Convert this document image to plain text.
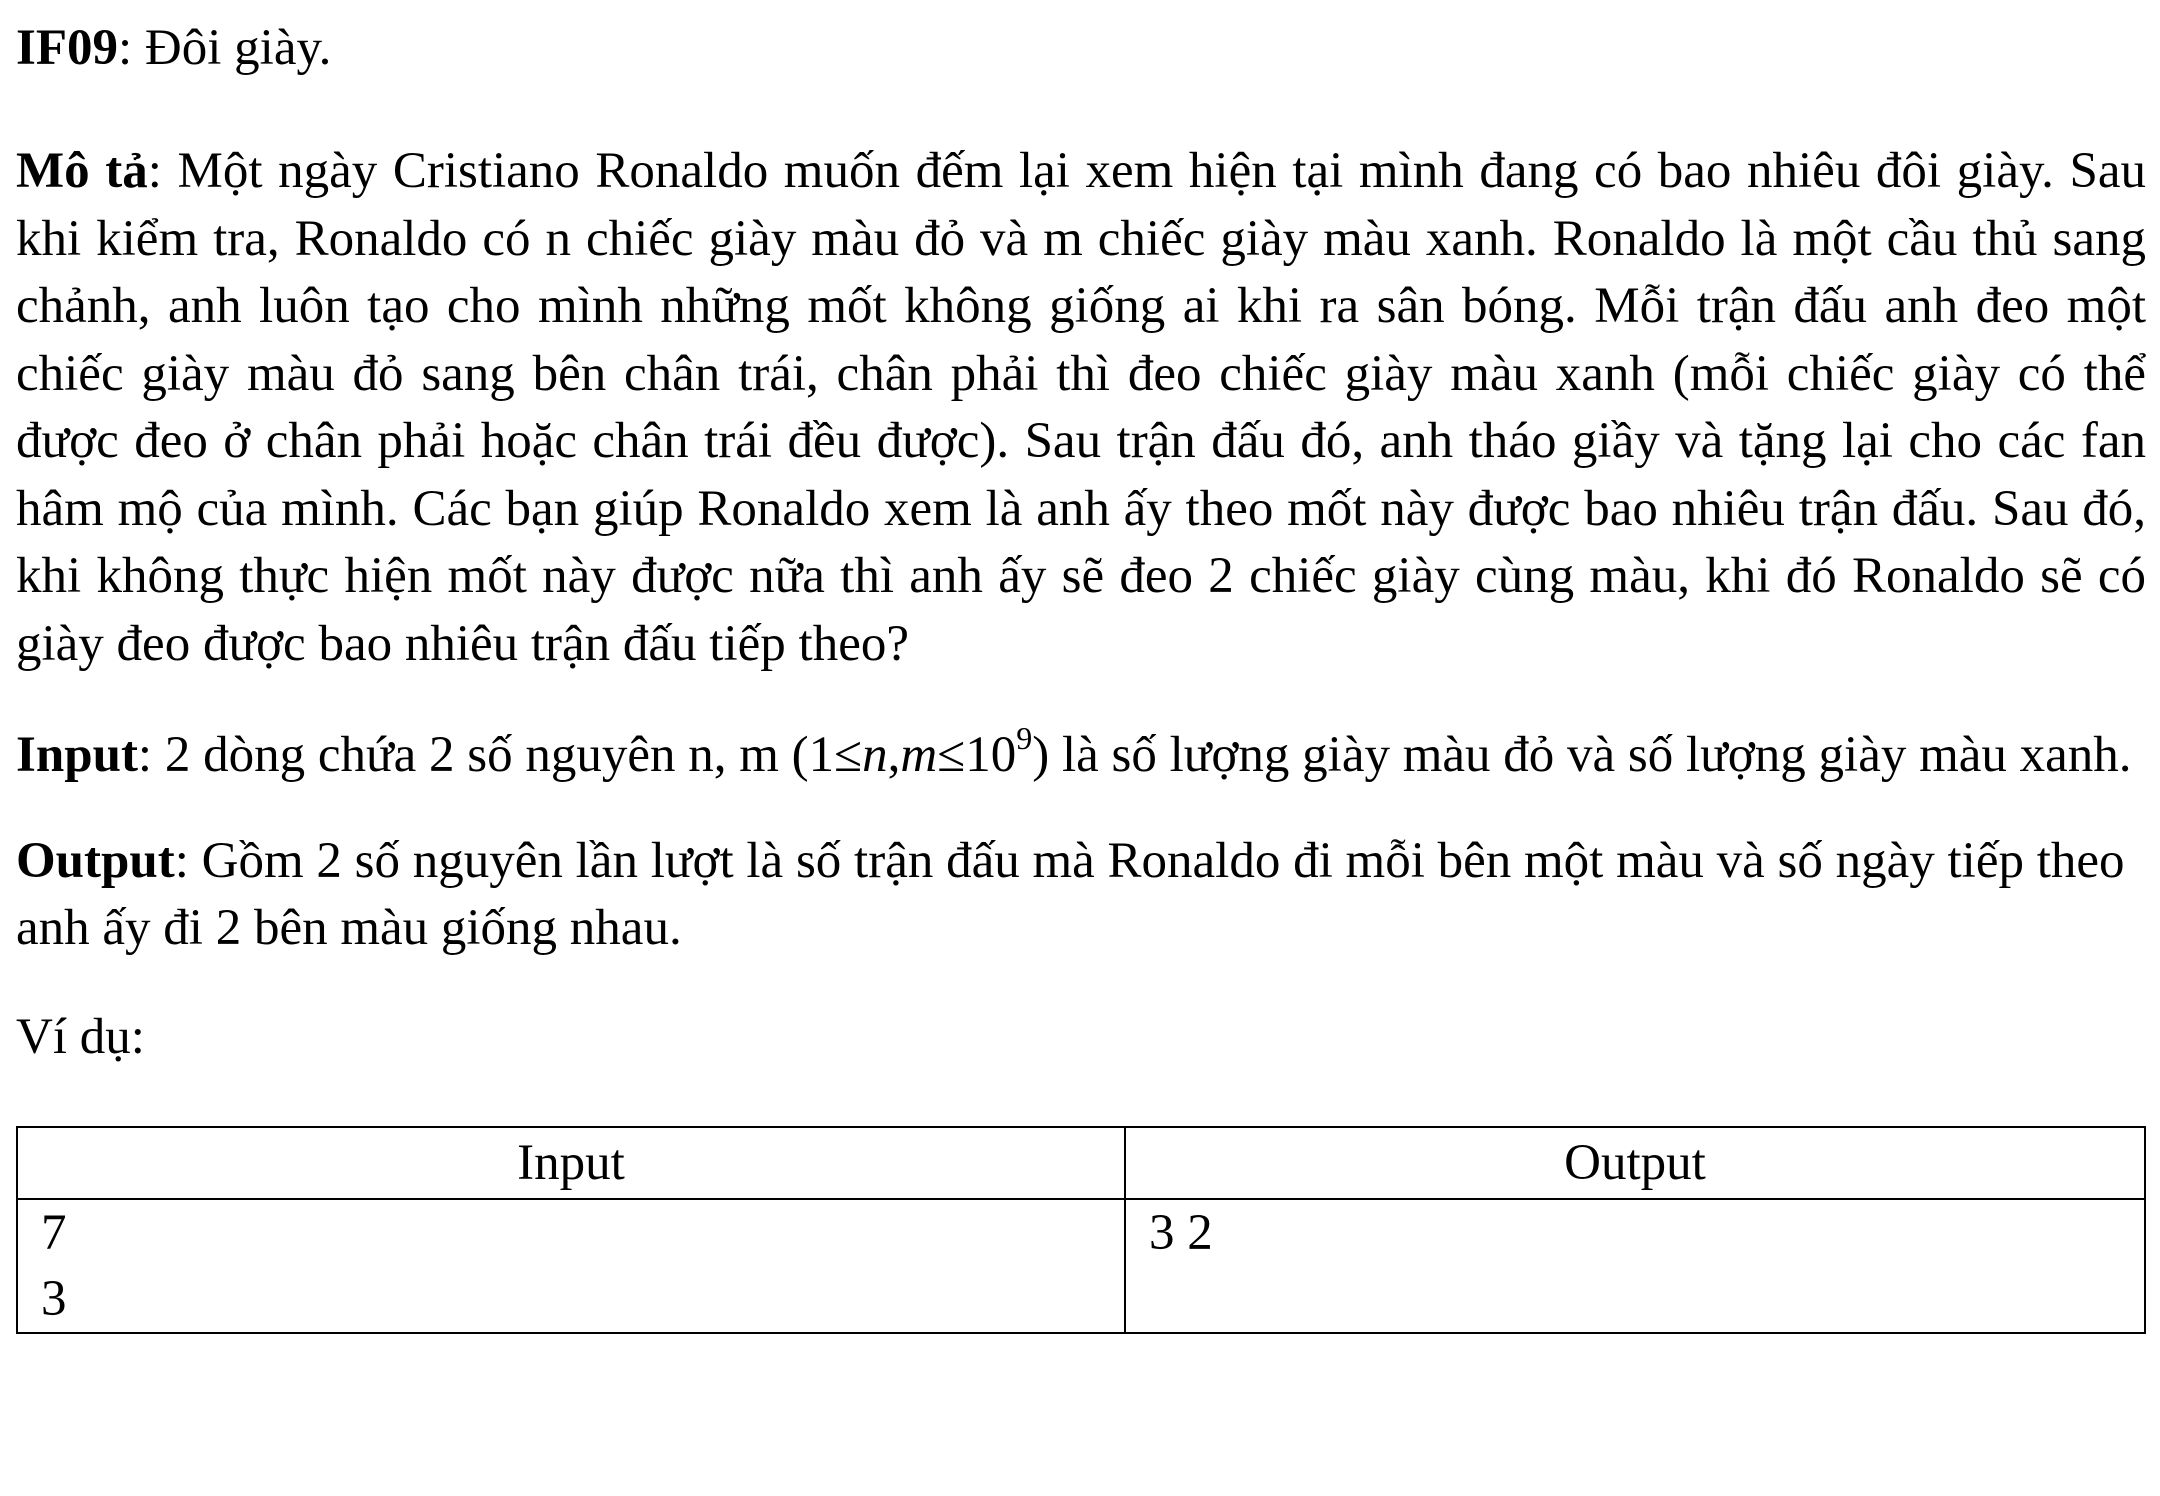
IF09: Đôi giày.

Mô tả: Một ngày Cristiano Ronaldo muốn đếm lại xem hiện tại mình đang có bao nhiêu đôi giày. Sau khi kiểm tra, Ronaldo có n chiếc giày màu đỏ và m chiếc giày màu xanh. Ronaldo là một cầu thủ sang chảnh, anh luôn tạo cho mình những mốt không giống ai khi ra sân bóng. Mỗi trận đấu anh đeo một chiếc giày màu đỏ sang bên chân trái, chân phải thì đeo chiếc giày màu xanh (mỗi chiếc giày có thể được đeo ở chân phải hoặc chân trái đều được). Sau trận đấu đó, anh tháo giầy và tặng lại cho các fan hâm mộ của mình. Các bạn giúp Ronaldo xem là anh ấy theo mốt này được bao nhiêu trận đấu. Sau đó, khi không thực hiện mốt này được nữa thì anh ấy sẽ đeo 2 chiếc giày cùng màu, khi đó Ronaldo sẽ có giày đeo được bao nhiêu trận đấu tiếp theo?

Input: 2 dòng chứa 2 số nguyên n, m $(1\le n,m\le 10^9)$ là số lượng giày màu đỏ và số lượng giày màu xanh.

Output: Gồm 2 số nguyên lần lượt là số trận đấu mà Ronaldo đi mỗi bên một màu và số ngày tiếp theo anh ấy đi 2 bên màu giống nhau.

Ví dụ:

Input	Output

7
3	3 2
